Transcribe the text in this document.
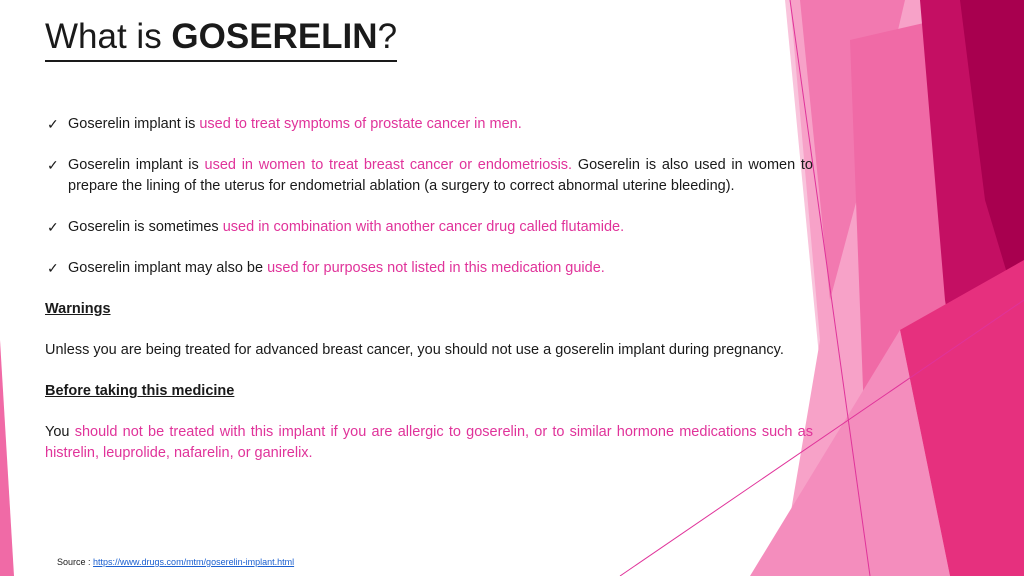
What is GOSERELIN?

✓ Goserelin implant is used to treat symptoms of prostate cancer in men.

✓ Goserelin implant is used in women to treat breast cancer or endometriosis. Goserelin is also used in women to prepare the lining of the uterus for endometrial ablation (a surgery to correct abnormal uterine bleeding).

✓ Goserelin is sometimes used in combination with another cancer drug called flutamide.

✓ Goserelin implant may also be used for purposes not listed in this medication guide.

Warnings

Unless you are being treated for advanced breast cancer, you should not use a goserelin implant during pregnancy.

Before taking this medicine

You should not be treated with this implant if you are allergic to goserelin, or to similar hormone medications such as histrelin, leuprolide, nafarelin, or ganirelix.

Source : https://www.drugs.com/mtm/goserelin-implant.html
